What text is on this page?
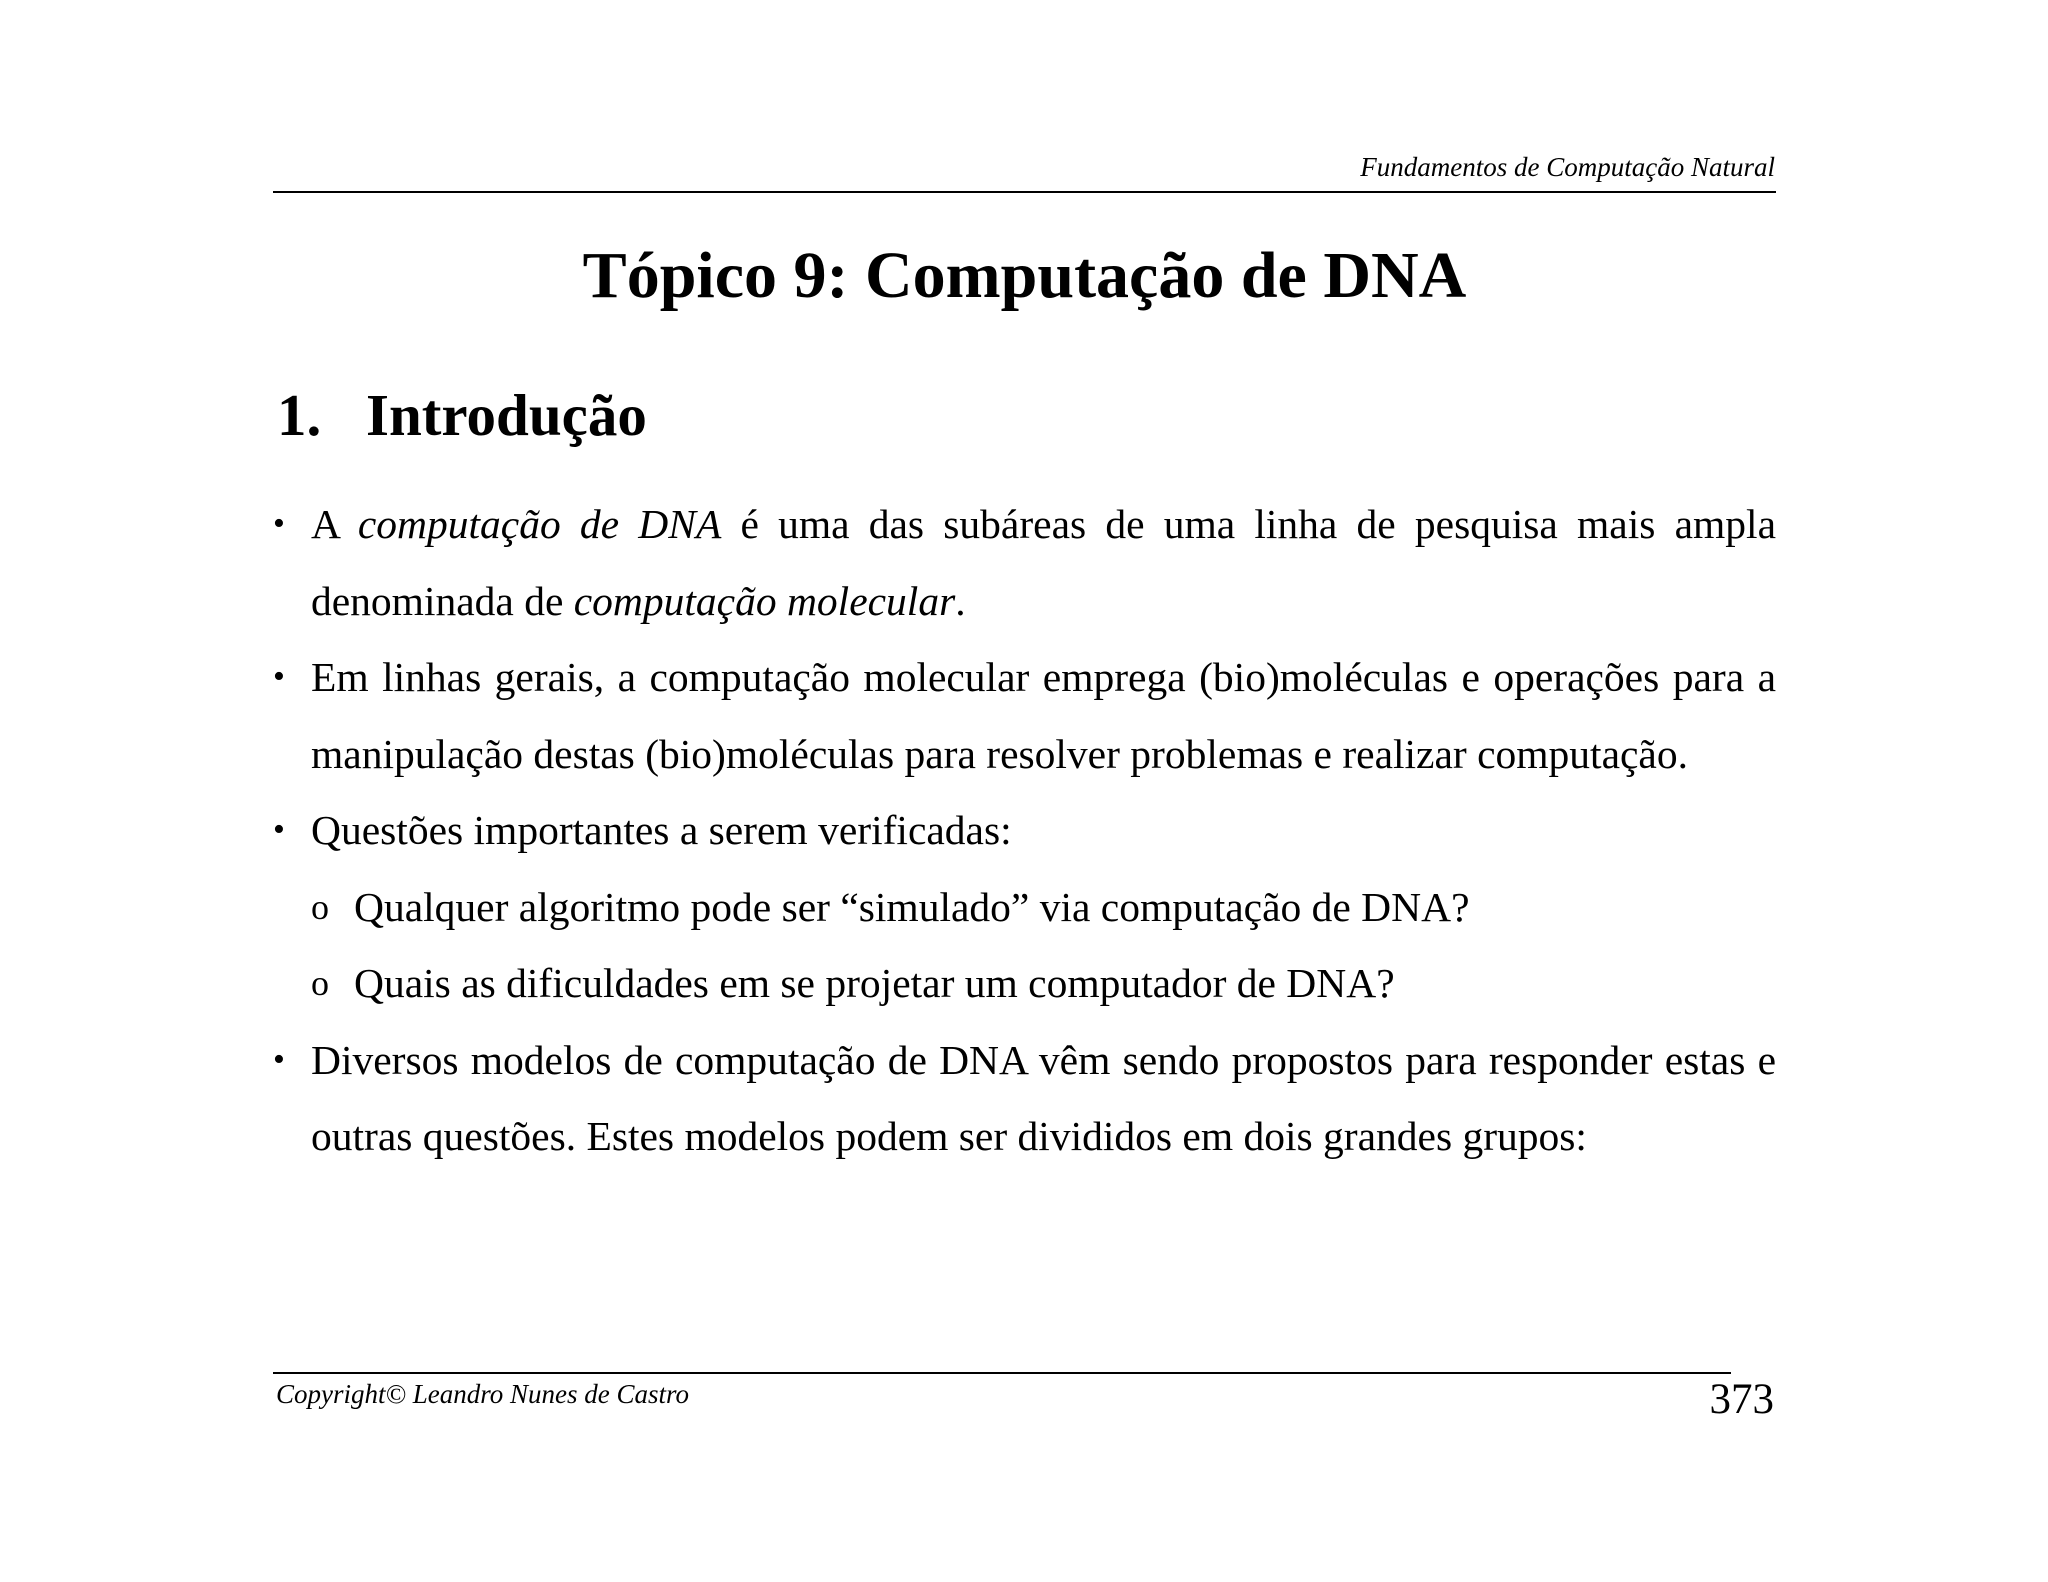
Fundamentos de Computação Natural
Tópico 9: Computação de DNA
1. Introdução
• A computação de DNA é uma das subáreas de uma linha de pesquisa mais ampla denominada de computação molecular.
• Em linhas gerais, a computação molecular emprega (bio)moléculas e operações para a manipulação destas (bio)moléculas para resolver problemas e realizar computação.
• Questões importantes a serem verificadas:
o Qualquer algoritmo pode ser “simulado” via computação de DNA?
o Quais as dificuldades em se projetar um computador de DNA?
• Diversos modelos de computação de DNA vêm sendo propostos para responder estas e outras questões. Estes modelos podem ser divididos em dois grandes grupos:
Copyright© Leandro Nunes de Castro	373
